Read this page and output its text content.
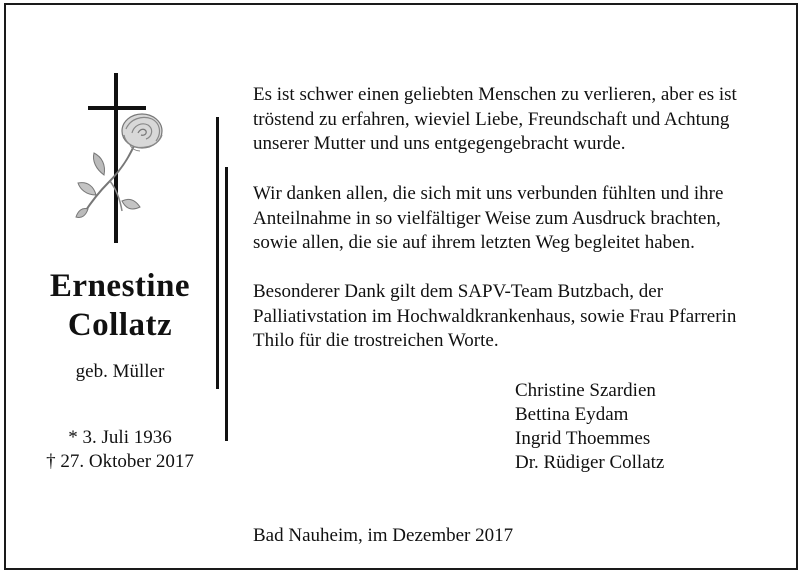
Ernestine
Collatz
geb. Müller
* 3. Juli 1936
† 27. Oktober 2017
Es ist schwer einen geliebten Menschen zu verlieren, aber es ist
tröstend zu erfahren, wieviel Liebe, Freundschaft und Achtung
unserer Mutter und uns entgegengebracht wurde.
Wir danken allen, die sich mit uns verbunden fühlten und ihre
Anteilnahme in so vielfältiger Weise zum Ausdruck brachten,
sowie allen, die sie auf ihrem letzten Weg begleitet haben.
Besonderer Dank gilt dem SAPV-Team Butzbach, der
Palliativstation im Hochwaldkrankenhaus, sowie Frau Pfarrerin
Thilo für die trostreichen Worte.
Christine Szardien
Bettina Eydam
Ingrid Thoemmes
Dr. Rüdiger Collatz
Bad Nauheim, im Dezember 2017
